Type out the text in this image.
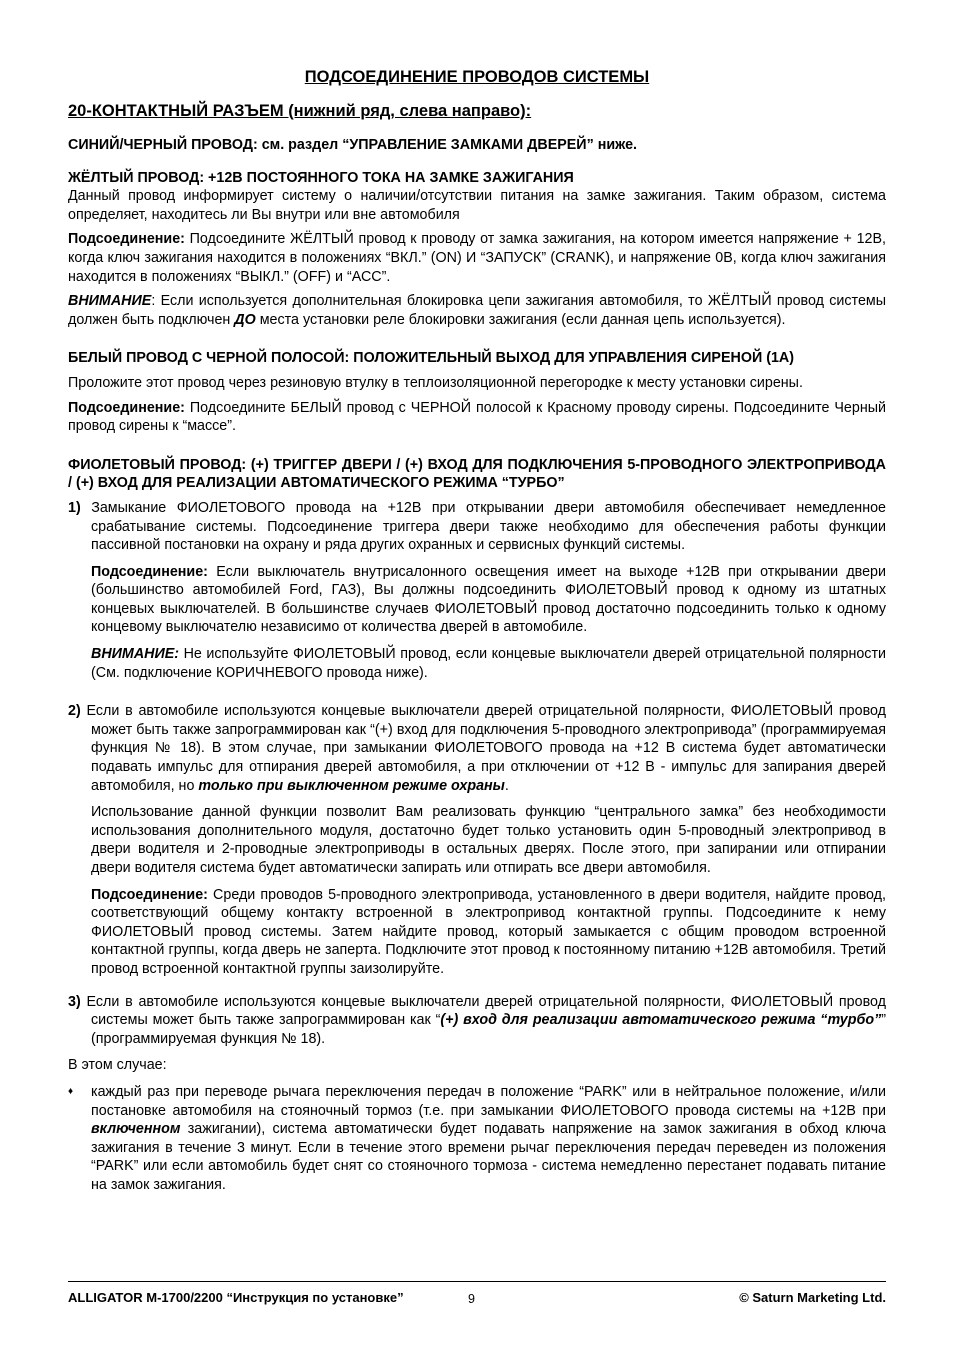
ПОДСОЕДИНЕНИЕ ПРОВОДОВ СИСТЕМЫ
20-КОНТАКТНЫЙ РАЗЪЕМ (нижний ряд, слева направо):
СИНИЙ/ЧЕРНЫЙ ПРОВОД: см. раздел “УПРАВЛЕНИЕ ЗАМКАМИ ДВЕРЕЙ” ниже.
ЖЁЛТЫЙ ПРОВОД: +12В ПОСТОЯННОГО ТОКА НА ЗАМКЕ ЗАЖИГАНИЯ

Данный провод информирует систему о наличии/отсутствии питания на замке зажигания. Таким образом, система определяет, находитесь ли Вы внутри или вне автомобиля

Подсоединение: Подсоедините ЖЁЛТЫЙ провод к проводу от замка зажигания, на котором имеется напряжение + 12В, когда ключ зажигания находится в положениях “ВКЛ.” (ON) И “ЗАПУСК” (CRANK), и напряжение 0В, когда ключ зажигания находится в положениях “ВЫКЛ.” (OFF) и “АСС”.

ВНИМАНИЕ: Если используется дополнительная блокировка цепи зажигания автомобиля, то ЖЁЛТЫЙ провод системы должен быть подключен ДО места установки реле блокировки зажигания (если данная цепь используется).

БЕЛЫЙ ПРОВОД С ЧЕРНОЙ ПОЛОСОЙ: ПОЛОЖИТЕЛЬНЫЙ ВЫХОД ДЛЯ УПРАВЛЕНИЯ СИРЕНОЙ (1А)

Проложите этот провод через резиновую втулку в теплоизоляционной перегородке к месту установки сирены.

Подсоединение: Подсоедините БЕЛЫЙ провод с ЧЕРНОЙ полосой к Красному проводу сирены. Подсоедините Черный провод сирены к “массе”.

ФИОЛЕТОВЫЙ ПРОВОД: (+) ТРИГГЕР ДВЕРИ / (+) ВХОД ДЛЯ ПОДКЛЮЧЕНИЯ 5-ПРОВОДНОГО ЭЛЕКТРОПРИВОДА / (+) ВХОД ДЛЯ РЕАЛИЗАЦИИ АВТОМАТИЧЕСКОГО РЕЖИМА “ТУРБО”

1) Замыкание ФИОЛЕТОВОГО провода на +12В при открывании двери автомобиля обеспечивает немедленное срабатывание системы. Подсоединение триггера двери также необходимо для обеспечения работы функции пассивной постановки на охрану и ряда других охранных и сервисных функций системы.

Подсоединение: Если выключатель внутрисалонного освещения имеет на выходе +12В при открывании двери (большинство автомобилей Ford, ГАЗ), Вы должны подсоединить ФИОЛЕТОВЫЙ провод к одному из штатных концевых выключателей. В большинстве случаев ФИОЛЕТОВЫЙ провод достаточно подсоединить только к одному концевому выключателю независимо от количества дверей в автомобиле.

ВНИМАНИЕ: Не используйте ФИОЛЕТОВЫЙ провод, если концевые выключатели дверей отрицательной полярности (См. подключение КОРИЧНЕВОГО провода ниже).

2) Если в автомобиле используются концевые выключатели дверей отрицательной полярности, ФИОЛЕТОВЫЙ провод может быть также запрограммирован как “(+) вход для подключения 5-проводного электропривода” (программируемая функция № 18). В этом случае, при замыкании ФИОЛЕТОВОГО провода на +12 В система будет автоматически подавать импульс для отпирания дверей автомобиля, а при отключении от +12 В - импульс для запирания дверей автомобиля, но только при выключенном режиме охраны.

Использование данной функции позволит Вам реализовать функцию “центрального замка” без необходимости использования дополнительного модуля, достаточно будет только установить один 5-проводный электропривод в двери водителя и 2-проводные электроприводы в остальных дверях. После этого, при запирании или отпирании двери водителя система будет автоматически запирать или отпирать все двери автомобиля.

Подсоединение: Среди проводов 5-проводного электропривода, установленного в двери водителя, найдите провод, соответствующий общему контакту встроенной в электропривод контактной группы. Подсоедините к нему ФИОЛЕТОВЫЙ провод системы. Затем найдите провод, который замыкается с общим проводом встроенной контактной группы, когда дверь не заперта. Подключите этот провод к постоянному питанию +12В автомобиля. Третий провод встроенной контактной группы заизолируйте.

3) Если в автомобиле используются концевые выключатели дверей отрицательной полярности, ФИОЛЕТОВЫЙ провод системы может быть также запрограммирован как “(+) вход для реализации автоматического режима “турбо”” (программируемая функция № 18).

В этом случае:

♦ каждый раз при переводе рычага переключения передач в положение “PARK” или в нейтральное положение, и/или постановке автомобиля на стояночный тормоз (т.е. при замыкании ФИОЛЕТОВОГО провода системы на +12В при включенном зажигании), система автоматически будет подавать напряжение на замок зажигания в обход ключа зажигания в течение 3 минут. Если в течение этого времени рычаг переключения передач переведен из положения “PARK” или если автомобиль будет снят со стояночного тормоза - система немедленно перестанет подавать питание на замок зажигания.

ALLIGATOR M-1700/2200 “Инструкция по установке”	9	© Saturn Marketing Ltd.
